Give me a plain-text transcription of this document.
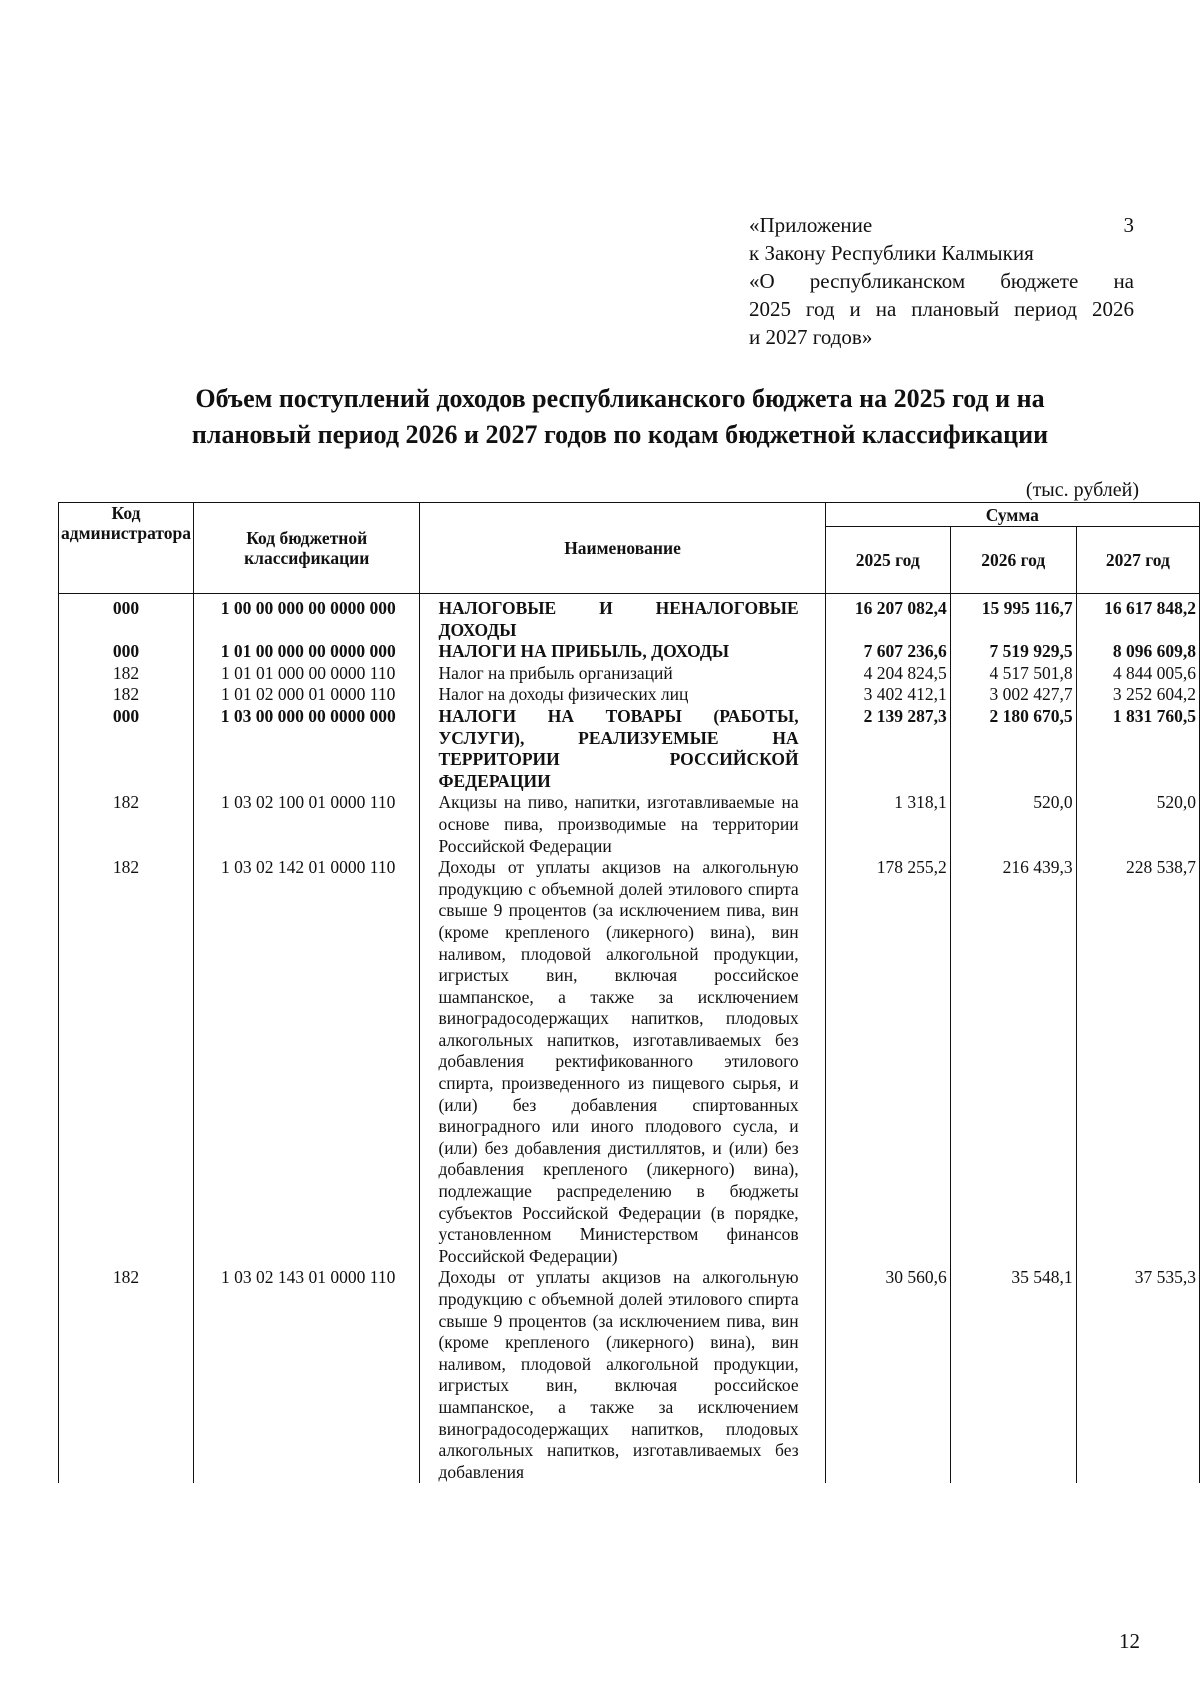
«Приложение 3
к Закону Республики Калмыкия
«О республиканском бюджете на
2025 год и на плановый период 2026
и 2027 годов»
Объем поступлений доходов республиканского бюджета на 2025 год и на
плановый период 2026 и 2027 годов по кодам бюджетной классификации
(тыс. рублей)
Код администратора	Код бюджетной классификации	Наименование	Сумма		
			2025 год	2026 год	2027 год
000	1 00 00 000 00 0000 000	НАЛОГОВЫЕ И НЕНАЛОГОВЫЕ ДОХОДЫ	16 207 082,4	15 995 116,7	16 617 848,2
000	1 01 00 000 00 0000 000	НАЛОГИ НА ПРИБЫЛЬ, ДОХОДЫ	7 607 236,6	7 519 929,5	8 096 609,8
182	1 01 01 000 00 0000 110	Налог на прибыль организаций	4 204 824,5	4 517 501,8	4 844 005,6
182	1 01 02 000 01 0000 110	Налог на доходы физических лиц	3 402 412,1	3 002 427,7	3 252 604,2
000	1 03 00 000 00 0000 000	НАЛОГИ НА ТОВАРЫ (РАБОТЫ, УСЛУГИ), РЕАЛИЗУЕМЫЕ НА ТЕРРИТОРИИ РОССИЙСКОЙ ФЕДЕРАЦИИ	2 139 287,3	2 180 670,5	1 831 760,5
182	1 03 02 100 01 0000 110	Акцизы на пиво, напитки, изготавливаемые на основе пива, производимые на территории Российской Федерации	1 318,1	520,0	520,0
182	1 03 02 142 01 0000 110	Доходы от уплаты акцизов на алкогольную продукцию с объемной долей этилового спирта свыше 9 процентов (за исключением пива, вин (кроме крепленого (ликерного) вина), вин наливом, плодовой алкогольной продукции, игристых вин, включая российское шампанское, а также за исключением виноградосодержащих напитков, плодовых алкогольных напитков, изготавливаемых без добавления ректификованного этилового спирта, произведенного из пищевого сырья, и (или) без добавления спиртованных виноградного или иного плодового сусла, и (или) без добавления дистиллятов, и (или) без добавления крепленого (ликерного) вина), подлежащие распределению в бюджеты субъектов Российской Федерации (в порядке, установленном Министерством финансов Российской Федерации)	178 255,2	216 439,3	228 538,7
182	1 03 02 143 01 0000 110	Доходы от уплаты акцизов на алкогольную продукцию с объемной долей этилового спирта свыше 9 процентов (за исключением пива, вин (кроме крепленого (ликерного) вина), вин наливом, плодовой алкогольной продукции, игристых вин, включая российское шампанское, а также за исключением виноградосодержащих напитков, плодовых алкогольных напитков, изготавливаемых без добавления	30 560,6	35 548,1	37 535,3
12
